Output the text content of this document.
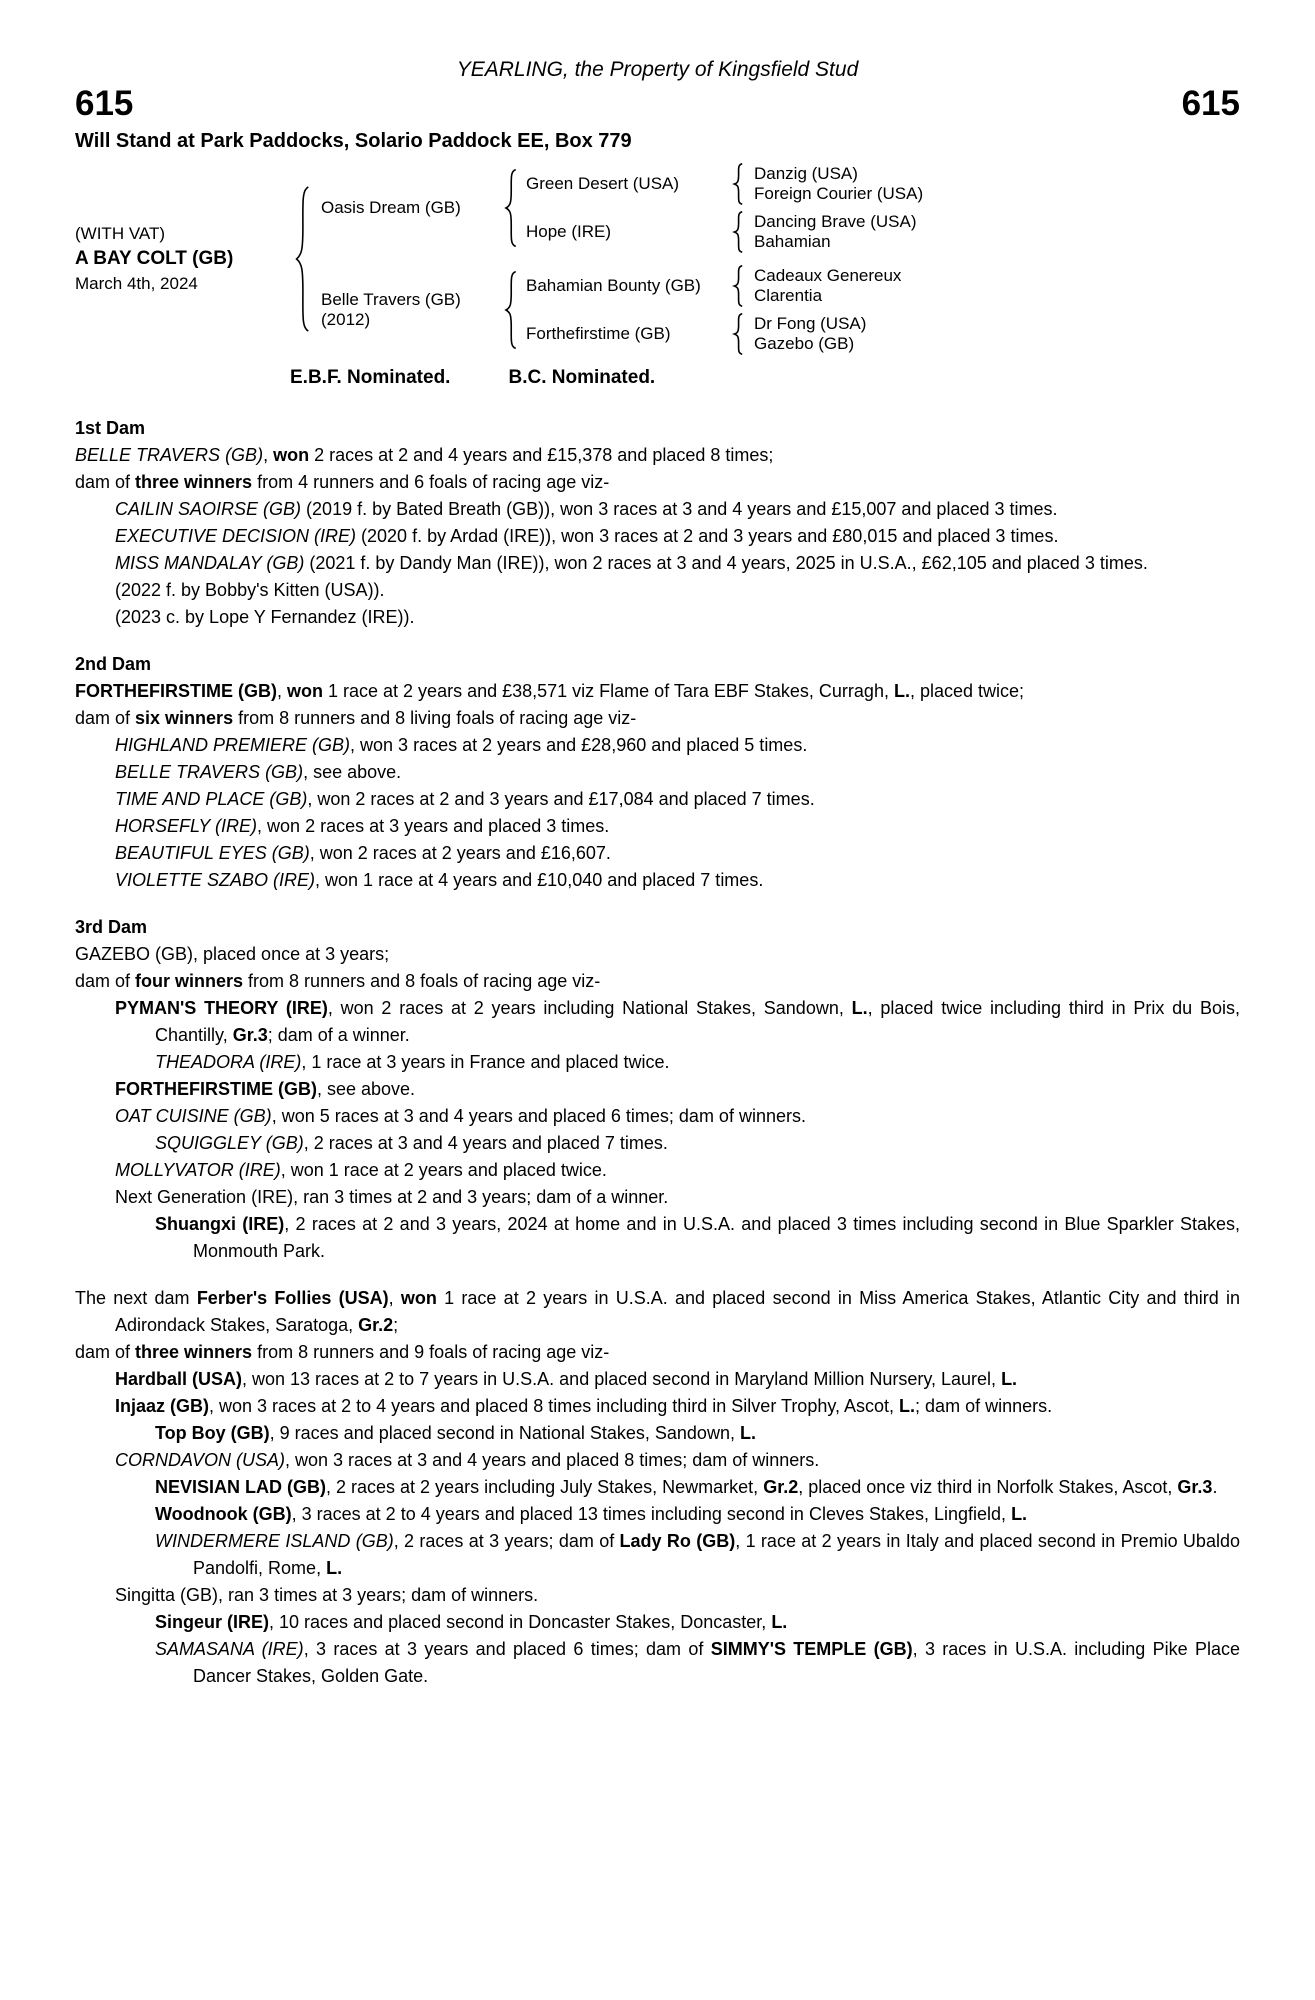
YEARLING, the Property of Kingsfield Stud
615	615
Will Stand at Park Paddocks, Solario Paddock EE, Box 779
(WITH VAT)
A BAY COLT (GB)
March 4th, 2024
Oasis Dream (GB)
Green Desert (USA)
Danzig (USA)
Foreign Courier (USA)
Hope (IRE)
Dancing Brave (USA)
Bahamian
Belle Travers (GB)
(2012)
Bahamian Bounty (GB)
Cadeaux Genereux
Clarentia
Forthefirstime (GB)
Dr Fong (USA)
Gazebo (GB)
E.B.F. Nominated.	B.C. Nominated.
1st Dam

BELLE TRAVERS (GB), won 2 races at 2 and 4 years and £15,378 and placed 8 times;

dam of three winners from 4 runners and 6 foals of racing age viz-

CAILIN SAOIRSE (GB) (2019 f. by Bated Breath (GB)), won 3 races at 3 and 4 years and £15,007 and placed 3 times.

EXECUTIVE DECISION (IRE) (2020 f. by Ardad (IRE)), won 3 races at 2 and 3 years and £80,015 and placed 3 times.

MISS MANDALAY (GB) (2021 f. by Dandy Man (IRE)), won 2 races at 3 and 4 years, 2025 in U.S.A., £62,105 and placed 3 times.

(2022 f. by Bobby's Kitten (USA)).

(2023 c. by Lope Y Fernandez (IRE)).

2nd Dam

FORTHEFIRSTIME (GB), won 1 race at 2 years and £38,571 viz Flame of Tara EBF Stakes, Curragh, L., placed twice;

dam of six winners from 8 runners and 8 living foals of racing age viz-

HIGHLAND PREMIERE (GB), won 3 races at 2 years and £28,960 and placed 5 times.

BELLE TRAVERS (GB), see above.

TIME AND PLACE (GB), won 2 races at 2 and 3 years and £17,084 and placed 7 times.

HORSEFLY (IRE), won 2 races at 3 years and placed 3 times.

BEAUTIFUL EYES (GB), won 2 races at 2 years and £16,607.

VIOLETTE SZABO (IRE), won 1 race at 4 years and £10,040 and placed 7 times.

3rd Dam

GAZEBO (GB), placed once at 3 years;

dam of four winners from 8 runners and 8 foals of racing age viz-

PYMAN'S THEORY (IRE), won 2 races at 2 years including National Stakes, Sandown, L., placed twice including third in Prix du Bois, Chantilly, Gr.3; dam of a winner.

THEADORA (IRE), 1 race at 3 years in France and placed twice.

FORTHEFIRSTIME (GB), see above.

OAT CUISINE (GB), won 5 races at 3 and 4 years and placed 6 times; dam of winners.

SQUIGGLEY (GB), 2 races at 3 and 4 years and placed 7 times.

MOLLYVATOR (IRE), won 1 race at 2 years and placed twice.

Next Generation (IRE), ran 3 times at 2 and 3 years; dam of a winner.

Shuangxi (IRE), 2 races at 2 and 3 years, 2024 at home and in U.S.A. and placed 3 times including second in Blue Sparkler Stakes, Monmouth Park.

The next dam Ferber's Follies (USA), won 1 race at 2 years in U.S.A. and placed second in Miss America Stakes, Atlantic City and third in Adirondack Stakes, Saratoga, Gr.2;

dam of three winners from 8 runners and 9 foals of racing age viz-

Hardball (USA), won 13 races at 2 to 7 years in U.S.A. and placed second in Maryland Million Nursery, Laurel, L.

Injaaz (GB), won 3 races at 2 to 4 years and placed 8 times including third in Silver Trophy, Ascot, L.; dam of winners.

Top Boy (GB), 9 races and placed second in National Stakes, Sandown, L.

CORNDAVON (USA), won 3 races at 3 and 4 years and placed 8 times; dam of winners.

NEVISIAN LAD (GB), 2 races at 2 years including July Stakes, Newmarket, Gr.2, placed once viz third in Norfolk Stakes, Ascot, Gr.3.

Woodnook (GB), 3 races at 2 to 4 years and placed 13 times including second in Cleves Stakes, Lingfield, L.

WINDERMERE ISLAND (GB), 2 races at 3 years; dam of Lady Ro (GB), 1 race at 2 years in Italy and placed second in Premio Ubaldo Pandolfi, Rome, L.

Singitta (GB), ran 3 times at 3 years; dam of winners.

Singeur (IRE), 10 races and placed second in Doncaster Stakes, Doncaster, L.

SAMASANA (IRE), 3 races at 3 years and placed 6 times; dam of SIMMY'S TEMPLE (GB), 3 races in U.S.A. including Pike Place Dancer Stakes, Golden Gate.
